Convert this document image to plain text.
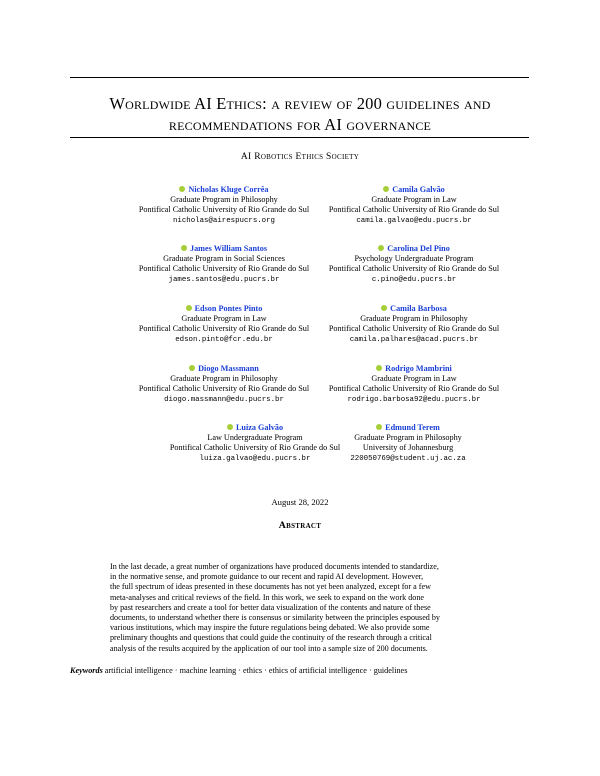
Worldwide AI Ethics: a review of 200 guidelines and
recommendations for AI governance
AI Robotics Ethics Society
Nicholas Kluge Corrêa
Graduate Program in Philosophy
Pontifical Catholic University of Rio Grande do Sul
nicholas@airespucrs.org
Camila Galvão
Graduate Program in Law
Pontifical Catholic University of Rio Grande do Sul
camila.galvao@edu.pucrs.br
James William Santos
Graduate Program in Social Sciences
Pontifical Catholic University of Rio Grande do Sul
james.santos@edu.pucrs.br
Carolina Del Pino
Psychology Undergraduate Program
Pontifical Catholic University of Rio Grande do Sul
c.pino@edu.pucrs.br
Edson Pontes Pinto
Graduate Program in Law
Pontifical Catholic University of Rio Grande do Sul
edson.pinto@fcr.edu.br
Camila Barbosa
Graduate Program in Philosophy
Pontifical Catholic University of Rio Grande do Sul
camila.palhares@acad.pucrs.br
Diogo Massmann
Graduate Program in Philosophy
Pontifical Catholic University of Rio Grande do Sul
diogo.massmann@edu.pucrs.br
Rodrigo Mambrini
Graduate Program in Law
Pontifical Catholic University of Rio Grande do Sul
rodrigo.barbosa92@edu.pucrs.br
Luiza Galvão
Law Undergraduate Program
Pontifical Catholic University of Rio Grande do Sul
luiza.galvao@edu.pucrs.br
Edmund Terem
Graduate Program in Philosophy
University of Johannesburg
220050769@student.uj.ac.za
August 28, 2022
Abstract
In the last decade, a great number of organizations have produced documents intended to standardize,
in the normative sense, and promote guidance to our recent and rapid AI development. However,
the full spectrum of ideas presented in these documents has not yet been analyzed, except for a few
meta-analyses and critical reviews of the field. In this work, we seek to expand on the work done
by past researchers and create a tool for better data visualization of the contents and nature of these
documents, to understand whether there is consensus or similarity between the principles espoused by
various institutions, which may inspire the future regulations being debated. We also provide some
preliminary thoughts and questions that could guide the continuity of the research through a critical
analysis of the results acquired by the application of our tool into a sample size of 200 documents.
Keywords artificial intelligence · machine learning · ethics · ethics of artificial intelligence · guidelines
